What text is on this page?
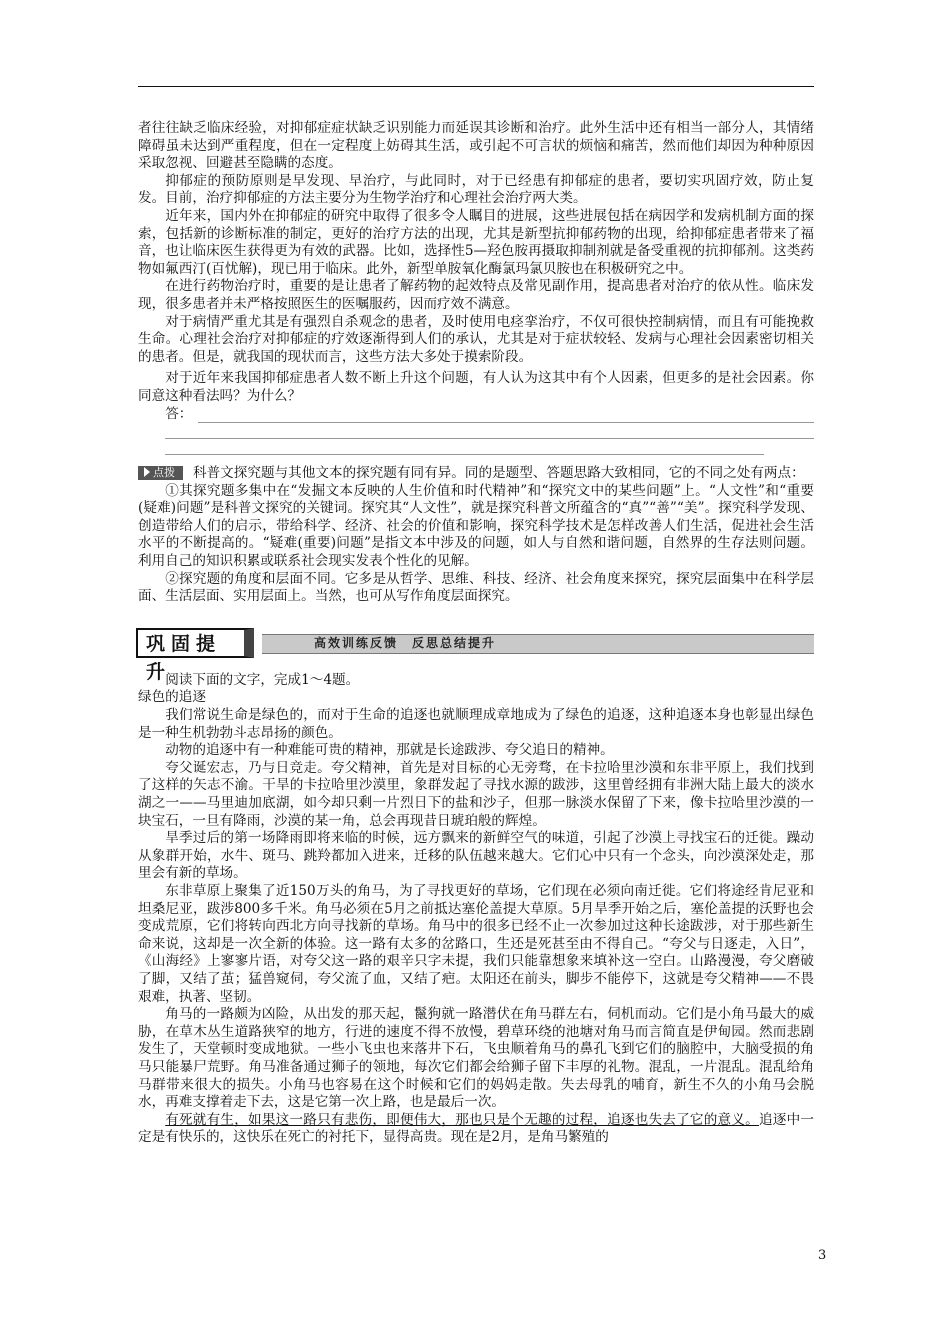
者往往缺乏临床经验，对抑郁症症状缺乏识别能力而延误其诊断和治疗。此外生活中还有相当一部分人，其情绪障碍虽未达到严重程度，但在一定程度上妨碍其生活，或引起不可言状的烦恼和痛苦，然而他们却因为种种原因采取忽视、回避甚至隐瞒的态度。

抑郁症的预防原则是早发现、早治疗，与此同时，对于已经患有抑郁症的患者，要切实巩固疗效，防止复发。目前，治疗抑郁症的方法主要分为生物学治疗和心理社会治疗两大类。

近年来，国内外在抑郁症的研究中取得了很多令人瞩目的进展，这些进展包括在病因学和发病机制方面的探索，包括新的诊断标准的制定，更好的治疗方法的出现，尤其是新型抗抑郁药物的出现，给抑郁症患者带来了福音，也让临床医生获得更为有效的武器。比如，选择性5—羟色胺再摄取抑制剂就是备受重视的抗抑郁剂。这类药物如氟西汀(百忧解)，现已用于临床。此外，新型单胺氧化酶氯玛氯贝胺也在积极研究之中。

在进行药物治疗时，重要的是让患者了解药物的起效特点及常见副作用，提高患者对治疗的依从性。临床发现，很多患者并未严格按照医生的医嘱服药，因而疗效不满意。

对于病情严重尤其是有强烈自杀观念的患者，及时使用电痉挛治疗，不仅可很快控制病情，而且有可能挽救生命。心理社会治疗对抑郁症的疗效逐渐得到人们的承认，尤其是对于症状较轻、发病与心理社会因素密切相关的患者。但是，就我国的现状而言，这些方法大多处于摸索阶段。

对于近年来我国抑郁症患者人数不断上升这个问题，有人认为这其中有个人因素，但更多的是社会因素。你同意这种看法吗？为什么？

答：

点拨 科普文探究题与其他文本的探究题有同有异。同的是题型、答题思路大致相同，它的不同之处有两点：

①其探究题多集中在“发掘文本反映的人生价值和时代精神”和“探究文中的某些问题”上。“人文性”和“重要(疑难)问题”是科普文探究的关键词。探究其“人文性”，就是探究科普文所蕴含的“真”“善”“美”。探究科学发现、创造带给人们的启示，带给科学、经济、社会的价值和影响，探究科学技术是怎样改善人们生活，促进社会生活水平的不断提高的。“疑难(重要)问题”是指文本中涉及的问题，如人与自然和谐问题，自然界的生存法则问题。利用自己的知识积累或联系社会现实发表个性化的见解。

②探究题的角度和层面不同。它多是从哲学、思维、科技、经济、社会角度来探究，探究层面集中在科学层面、生活层面、实用层面上。当然，也可从写作角度层面探究。

巩固提升
高效训练反馈　反思总结提升

阅读下面的文字，完成1～4题。

绿色的追逐

我们常说生命是绿色的，而对于生命的追逐也就顺理成章地成为了绿色的追逐，这种追逐本身也彰显出绿色是一种生机勃勃斗志昂扬的颜色。

动物的追逐中有一种难能可贵的精神，那就是长途跋涉、夸父追日的精神。

夸父诞宏志，乃与日竞走。夸父精神，首先是对目标的心无旁骛，在卡拉哈里沙漠和东非平原上，我们找到了这样的矢志不渝。干旱的卡拉哈里沙漠里，象群发起了寻找水源的跋涉，这里曾经拥有非洲大陆上最大的淡水湖之一——马里迪加底湖，如今却只剩一片烈日下的盐和沙子，但那一脉淡水保留了下来，像卡拉哈里沙漠的一块宝石，一旦有降雨，沙漠的某一角，总会再现昔日琥珀般的辉煌。

旱季过后的第一场降雨即将来临的时候，远方飘来的新鲜空气的味道，引起了沙漠上寻找宝石的迁徙。躁动从象群开始，水牛、斑马、跳羚都加入进来，迁移的队伍越来越大。它们心中只有一个念头，向沙漠深处走，那里会有新的草场。

东非草原上聚集了近150万头的角马，为了寻找更好的草场，它们现在必须向南迁徙。它们将途经肯尼亚和坦桑尼亚，跋涉800多千米。角马必须在5月之前抵达塞伦盖提大草原。5月旱季开始之后，塞伦盖提的沃野也会变成荒原，它们将转向西北方向寻找新的草场。角马中的很多已经不止一次参加过这种长途跋涉，对于那些新生命来说，这却是一次全新的体验。这一路有太多的岔路口，生还是死甚至由不得自己。“夸父与日逐走，入日”，《山海经》上寥寥片语，对夸父这一路的艰辛只字未提，我们只能靠想象来填补这一空白。山路漫漫，夸父磨破了脚，又结了茧；猛兽窥伺，夸父流了血，又结了疤。太阳还在前头，脚步不能停下，这就是夸父精神——不畏艰难，执著、坚韧。

角马的一路颇为凶险，从出发的那天起，鬣狗就一路潜伏在角马群左右，伺机而动。它们是小角马最大的威胁，在草木丛生道路狭窄的地方，行进的速度不得不放慢，碧草环绕的池塘对角马而言简直是伊甸园。然而悲剧发生了，天堂顿时变成地狱。一些小飞虫也来落井下石，飞虫顺着角马的鼻孔飞到它们的脑腔中，大脑受损的角马只能暴尸荒野。角马准备通过狮子的领地，每次它们都会给狮子留下丰厚的礼物。混乱，一片混乱。混乱给角马群带来很大的损失。小角马也容易在这个时候和它们的妈妈走散。失去母乳的哺育，新生不久的小角马会脱水，再难支撑着走下去，这是它第一次上路，也是最后一次。

有死就有生，如果这一路只有悲伤，即便伟大，那也只是个无趣的过程，追逐也失去了它的意义。追逐中一定是有快乐的，这快乐在死亡的衬托下，显得高贵。现在是2月，是角马繁殖的

3
